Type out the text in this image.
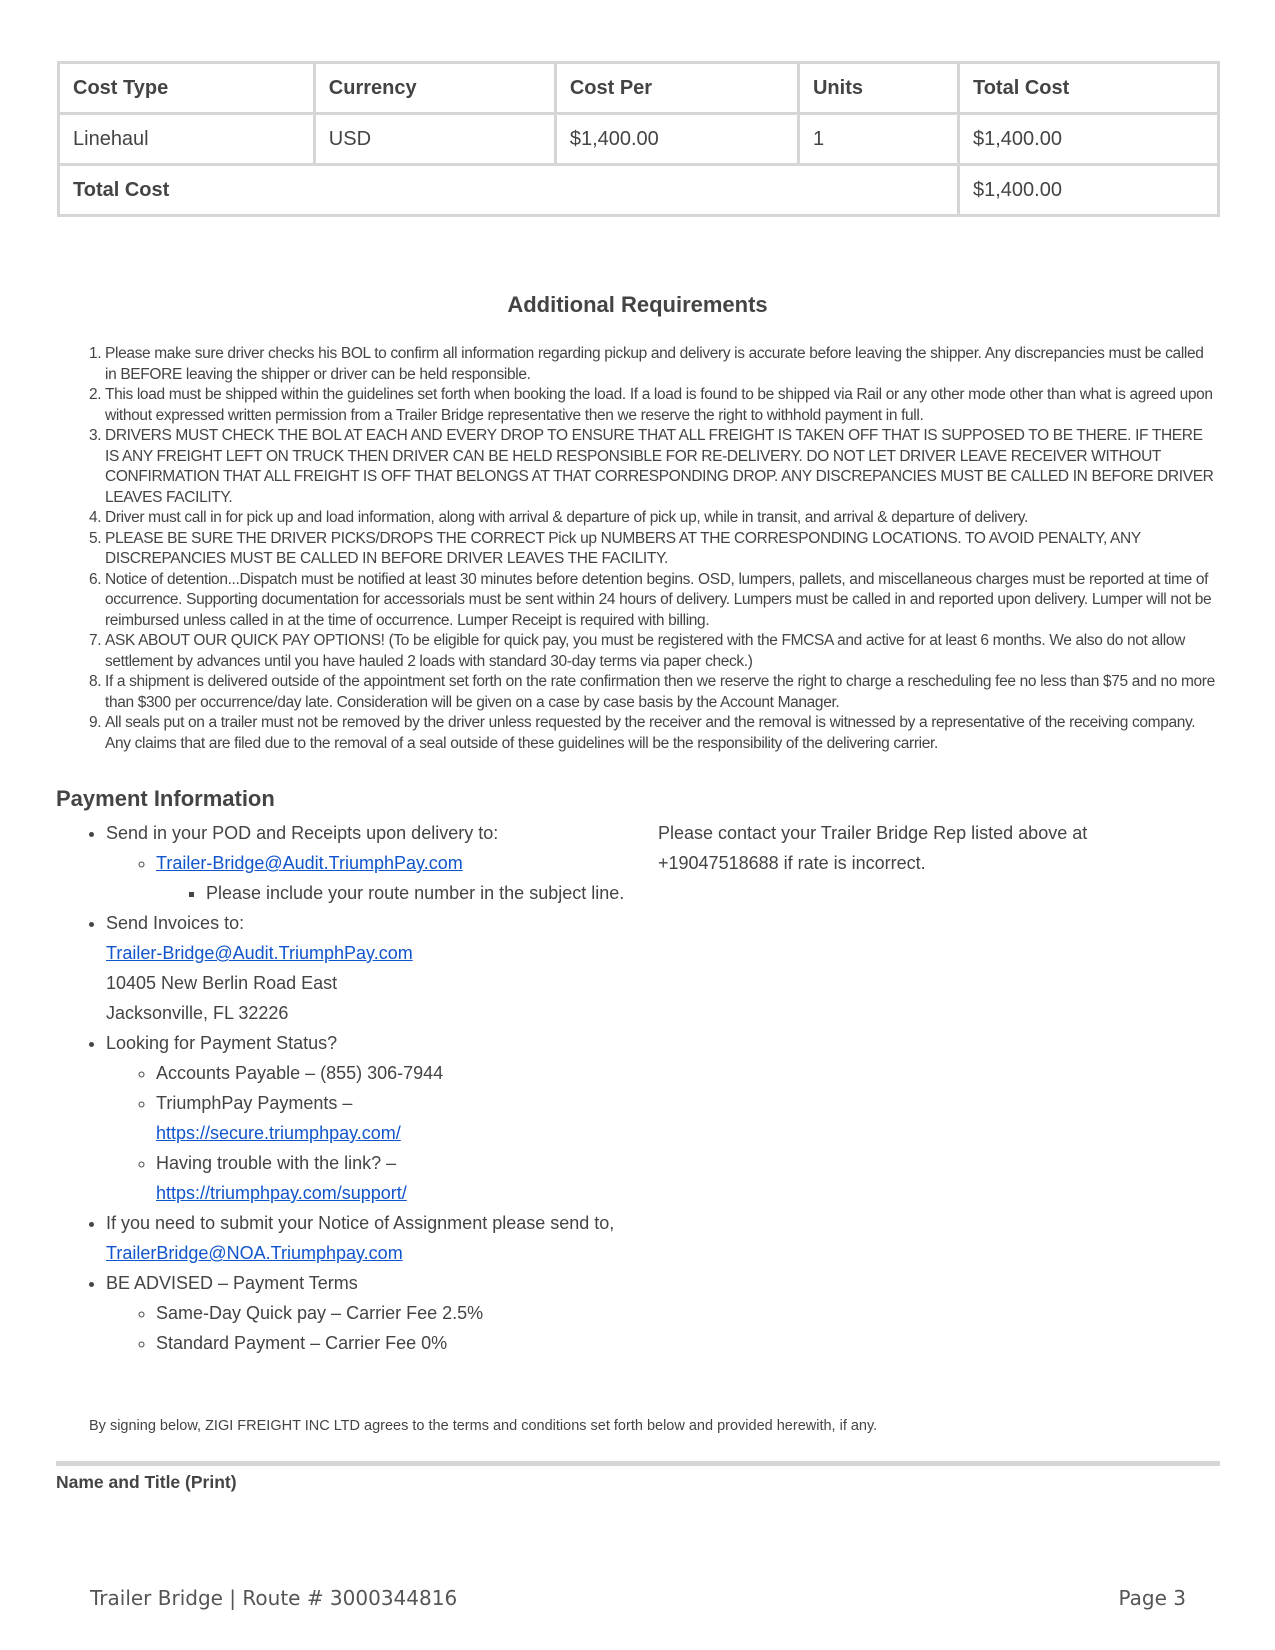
Cost Type	Currency	Cost Per	Units	Total Cost
Linehaul	USD	$1,400.00	1	$1,400.00
Total Cost				$1,400.00
Additional Requirements
Please make sure driver checks his BOL to confirm all information regarding pickup and delivery is accurate before leaving the shipper. Any discrepancies must be called in BEFORE leaving the shipper or driver can be held responsible.
This load must be shipped within the guidelines set forth when booking the load. If a load is found to be shipped via Rail or any other mode other than what is agreed upon without expressed written permission from a Trailer Bridge representative then we reserve the right to withhold payment in full.
DRIVERS MUST CHECK THE BOL AT EACH AND EVERY DROP TO ENSURE THAT ALL FREIGHT IS TAKEN OFF THAT IS SUPPOSED TO BE THERE. IF THERE IS ANY FREIGHT LEFT ON TRUCK THEN DRIVER CAN BE HELD RESPONSIBLE FOR RE-DELIVERY. DO NOT LET DRIVER LEAVE RECEIVER WITHOUT CONFIRMATION THAT ALL FREIGHT IS OFF THAT BELONGS AT THAT CORRESPONDING DROP. ANY DISCREPANCIES MUST BE CALLED IN BEFORE DRIVER LEAVES FACILITY.
Driver must call in for pick up and load information, along with arrival & departure of pick up, while in transit, and arrival & departure of delivery.
PLEASE BE SURE THE DRIVER PICKS/DROPS THE CORRECT Pick up NUMBERS AT THE CORRESPONDING LOCATIONS. TO AVOID PENALTY, ANY DISCREPANCIES MUST BE CALLED IN BEFORE DRIVER LEAVES THE FACILITY.
Notice of detention...Dispatch must be notified at least 30 minutes before detention begins. OSD, lumpers, pallets, and miscellaneous charges must be reported at time of occurrence. Supporting documentation for accessorials must be sent within 24 hours of delivery. Lumpers must be called in and reported upon delivery. Lumper will not be reimbursed unless called in at the time of occurrence. Lumper Receipt is required with billing.
ASK ABOUT OUR QUICK PAY OPTIONS! (To be eligible for quick pay, you must be registered with the FMCSA and active for at least 6 months. We also do not allow settlement by advances until you have hauled 2 loads with standard 30-day terms via paper check.)
If a shipment is delivered outside of the appointment set forth on the rate confirmation then we reserve the right to charge a rescheduling fee no less than $75 and no more than $300 per occurrence/day late. Consideration will be given on a case by case basis by the Account Manager.
All seals put on a trailer must not be removed by the driver unless requested by the receiver and the removal is witnessed by a representative of the receiving company. Any claims that are filed due to the removal of a seal outside of these guidelines will be the responsibility of the delivering carrier.
Payment Information
• Send in your POD and Receipts upon delivery to:
◦ Trailer-Bridge@Audit.TriumphPay.com
▪ Please include your route number in the subject line.
• Send Invoices to:
Trailer-Bridge@Audit.TriumphPay.com
10405 New Berlin Road East
Jacksonville, FL 32226
• Looking for Payment Status?
◦ Accounts Payable – (855) 306-7944
◦ TriumphPay Payments –
https://secure.triumphpay.com/
◦ Having trouble with the link? –
https://triumphpay.com/support/
• If you need to submit your Notice of Assignment please send to, TrailerBridge@NOA.Triumphpay.com
• BE ADVISED – Payment Terms
◦ Same-Day Quick pay – Carrier Fee 2.5%
◦ Standard Payment – Carrier Fee 0%
Please contact your Trailer Bridge Rep listed above at +19047518688 if rate is incorrect.
By signing below, ZIGI FREIGHT INC LTD agrees to the terms and conditions set forth below and provided herewith, if any.
Name and Title (Print)
Trailer Bridge | Route # 3000344816	Page 3
